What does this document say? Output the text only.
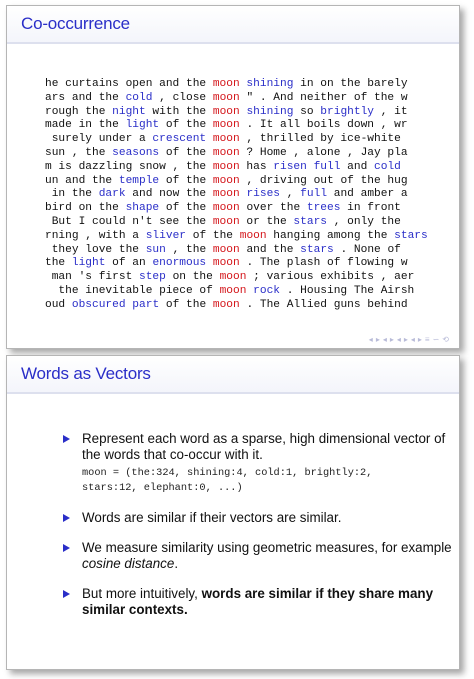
Co-occurrence
he curtains open and the moon shining in on the barely
ars and the cold , close moon " . And neither of the w
rough the night with the moon shining so brightly , it
made in the light of the moon . It all boils down , wr
surely under a crescent moon , thrilled by ice-white
sun , the seasons of the moon ? Home , alone , Jay pla
m is dazzling snow , the moon has risen full and cold
un and the temple of the moon , driving out of the hug
in the dark and now the moon rises , full and amber a
bird on the shape of the moon over the trees in front
But I could n't see the moon or the stars , only the
rning , with a sliver of the moon hanging among the stars
they love the sun , the moon and the stars . None of
the light of an enormous moon . The plash of flowing w
man 's first step on the moon ; various exhibits , aer
the inevitable piece of moon rock . Housing The Airsh
oud obscured part of the moon . The Allied guns behind
◂ ▸ ◂ ▸ ◂ ▸ ◂ ▸ ≡ ∽ ⟲
Words as Vectors
Represent each word as a sparse, high dimensional vector of the words that co-occur with it.
moon = (the:324, shining:4, cold:1, brightly:2,
stars:12, elephant:0, ...)
Words are similar if their vectors are similar.
We measure similarity using geometric measures, for example cosine distance.
But more intuitively, words are similar if they share many similar contexts.
